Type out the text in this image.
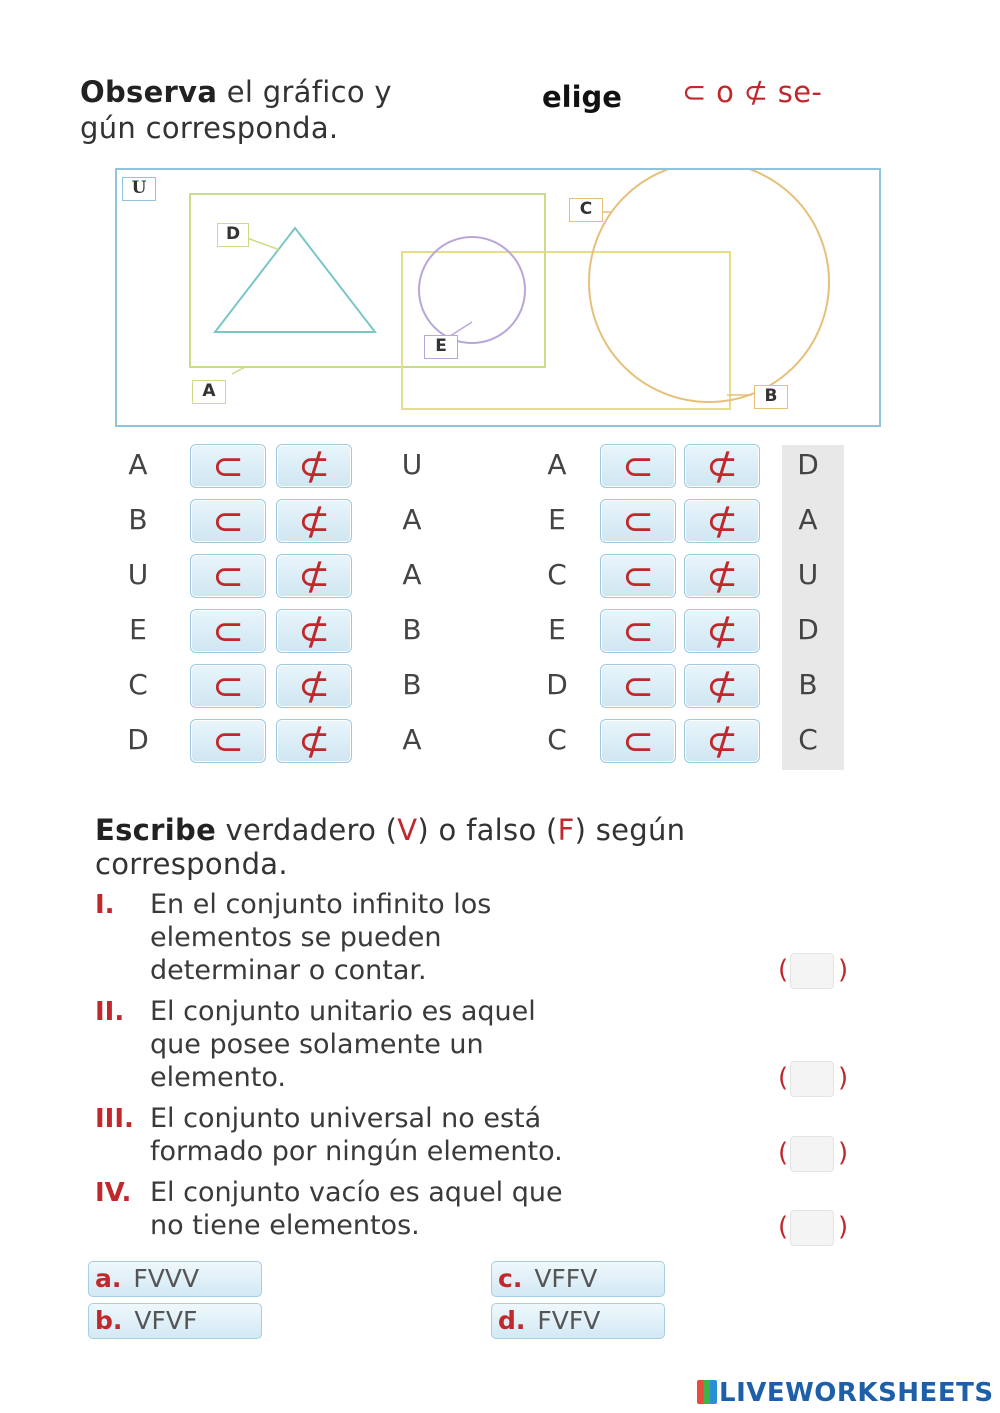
Observa el gráfico y	elige ⊂ o ⊄ se-
gún corresponda.
U
D
E
A	B
C
A	⊂	⊄	U
B	⊂	⊄	A
U	⊂	⊄	A
E	⊂	⊄	B
C	⊂	⊄	B
D	⊂	⊄	A
A	⊂	⊄	D
E	⊂	⊄	A
C	⊂	⊄	U
E	⊂	⊄	D
D	⊂	⊄	B
C	⊂	⊄	C
Escribe verdadero (V) o falso (F) según
corresponda.
I. En el conjunto infinito los
elementos se pueden
determinar o contar.
II. El conjunto unitario es aquel
que posee solamente un
elemento.
III. El conjunto universal no está
formado por ningún elemento.
IV. El conjunto vacío es aquel que
no tiene elementos.
( )
( )
( )
( )
a. FVVV
b. VFVF
c. VFFV
d. FVFV
LIVEWORKSHEETS
